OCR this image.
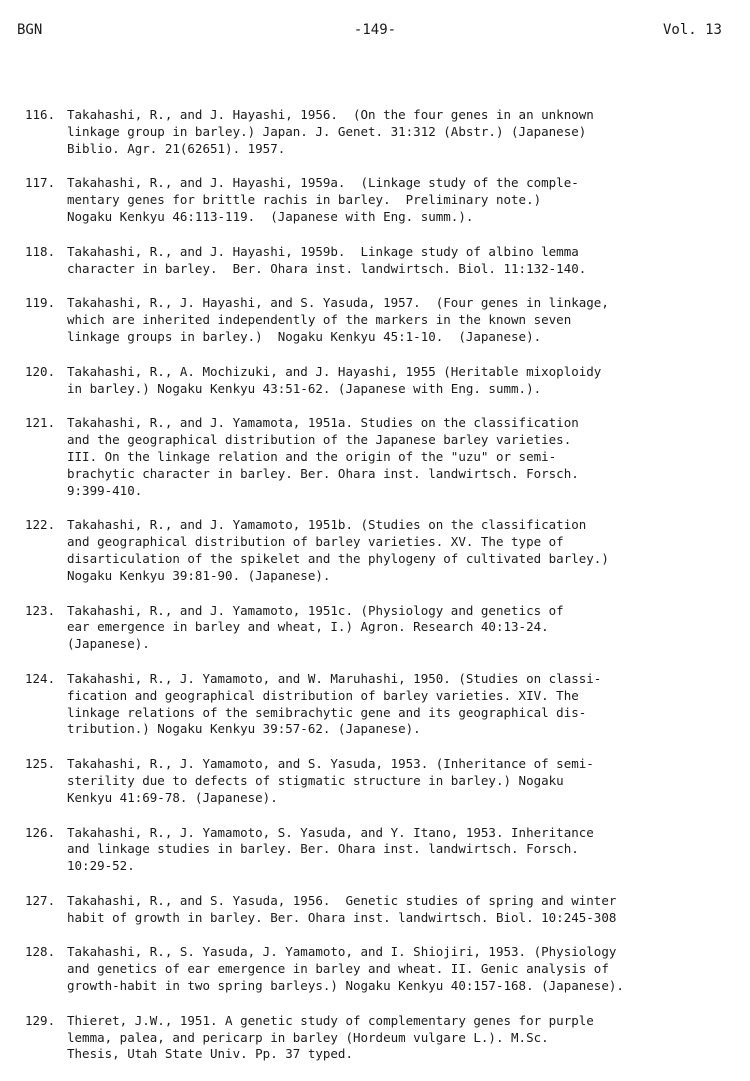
BGN	-149-	Vol. 13
116. Takahashi, R., and J. Hayashi, 1956.  (On the four genes in an unknown
linkage group in barley.) Japan. J. Genet. 31:312 (Abstr.) (Japanese)
Biblio. Agr. 21(62651). 1957.
117. Takahashi, R., and J. Hayashi, 1959a.  (Linkage study of the comple-
mentary genes for brittle rachis in barley.  Preliminary note.)
Nogaku Kenkyu 46:113-119.  (Japanese with Eng. summ.).
118. Takahashi, R., and J. Hayashi, 1959b.  Linkage study of albino lemma
character in barley.  Ber. Ohara inst. landwirtsch. Biol. 11:132-140.
119. Takahashi, R., J. Hayashi, and S. Yasuda, 1957.  (Four genes in linkage,
which are inherited independently of the markers in the known seven
linkage groups in barley.)  Nogaku Kenkyu 45:1-10.  (Japanese).
120. Takahashi, R., A. Mochizuki, and J. Hayashi, 1955 (Heritable mixoploidy
in barley.) Nogaku Kenkyu 43:51-62. (Japanese with Eng. summ.).
121. Takahashi, R., and J. Yamamota, 1951a. Studies on the classification
and the geographical distribution of the Japanese barley varieties.
III. On the linkage relation and the origin of the "uzu" or semi-
brachytic character in barley. Ber. Ohara inst. landwirtsch. Forsch.
9:399-410.
122. Takahashi, R., and J. Yamamoto, 1951b. (Studies on the classification
and geographical distribution of barley varieties. XV. The type of
disarticulation of the spikelet and the phylogeny of cultivated barley.)
Nogaku Kenkyu 39:81-90. (Japanese).
123. Takahashi, R., and J. Yamamoto, 1951c. (Physiology and genetics of
ear emergence in barley and wheat, I.) Agron. Research 40:13-24.
(Japanese).
124. Takahashi, R., J. Yamamoto, and W. Maruhashi, 1950. (Studies on classi-
fication and geographical distribution of barley varieties. XIV. The
linkage relations of the semibrachytic gene and its geographical dis-
tribution.) Nogaku Kenkyu 39:57-62. (Japanese).
125. Takahashi, R., J. Yamamoto, and S. Yasuda, 1953. (Inheritance of semi-
sterility due to defects of stigmatic structure in barley.) Nogaku
Kenkyu 41:69-78. (Japanese).
126. Takahashi, R., J. Yamamoto, S. Yasuda, and Y. Itano, 1953. Inheritance
and linkage studies in barley. Ber. Ohara inst. landwirtsch. Forsch.
10:29-52.
127. Takahashi, R., and S. Yasuda, 1956.  Genetic studies of spring and winter
habit of growth in barley. Ber. Ohara inst. landwirtsch. Biol. 10:245-308
128. Takahashi, R., S. Yasuda, J. Yamamoto, and I. Shiojiri, 1953. (Physiology
and genetics of ear emergence in barley and wheat. II. Genic analysis of
growth-habit in two spring barleys.) Nogaku Kenkyu 40:157-168. (Japanese).
129. Thieret, J.W., 1951. A genetic study of complementary genes for purple
lemma, palea, and pericarp in barley (Hordeum vulgare L.). M.Sc.
Thesis, Utah State Univ. Pp. 37 typed.
